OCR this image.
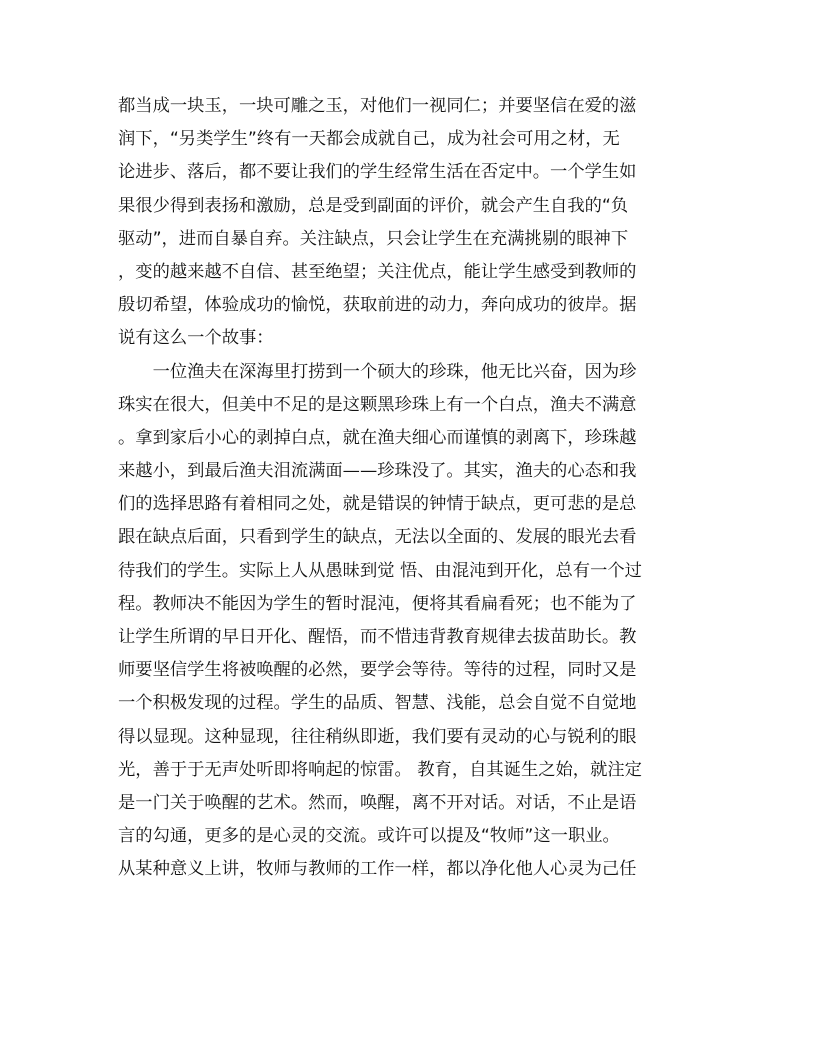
都当成一块玉，一块可雕之玉，对他们一视同仁；并要坚信在爱的滋
润下，“另类学生”终有一天都会成就自己，成为社会可用之材，无
论进步、落后，都不要让我们的学生经常生活在否定中。一个学生如
果很少得到表扬和激励，总是受到副面的评价，就会产生自我的“负
驱动”，进而自暴自弃。关注缺点，只会让学生在充满挑剔的眼神下
，变的越来越不自信、甚至绝望；关注优点，能让学生感受到教师的
殷切希望，体验成功的愉悦，获取前进的动力，奔向成功的彼岸。据
说有这么一个故事：
　　一位渔夫在深海里打捞到一个硕大的珍珠，他无比兴奋，因为珍
珠实在很大，但美中不足的是这颗黑珍珠上有一个白点，渔夫不满意
。拿到家后小心的剥掉白点，就在渔夫细心而谨慎的剥离下，珍珠越
来越小，到最后渔夫泪流满面——珍珠没了。其实，渔夫的心态和我
们的选择思路有着相同之处，就是错误的钟情于缺点，更可悲的是总
跟在缺点后面，只看到学生的缺点，无法以全面的、发展的眼光去看
待我们的学生。实际上人从愚昧到觉 悟、由混沌到开化，总有一个过
程。教师决不能因为学生的暂时混沌，便将其看扁看死；也不能为了
让学生所谓的早日开化、醒悟，而不惜违背教育规律去拔苗助长。教
师要坚信学生将被唤醒的必然，要学会等待。等待的过程，同时又是
一个积极发现的过程。学生的品质、智慧、浅能，总会自觉不自觉地
得以显现。这种显现，往往稍纵即逝，我们要有灵动的心与锐利的眼
光，善于于无声处听即将响起的惊雷。 教育，自其诞生之始，就注定
是一门关于唤醒的艺术。然而，唤醒，离不开对话。对话，不止是语
言的勾通，更多的是心灵的交流。或许可以提及“牧师”这一职业。
从某种意义上讲，牧师与教师的工作一样，都以净化他人心灵为己任
